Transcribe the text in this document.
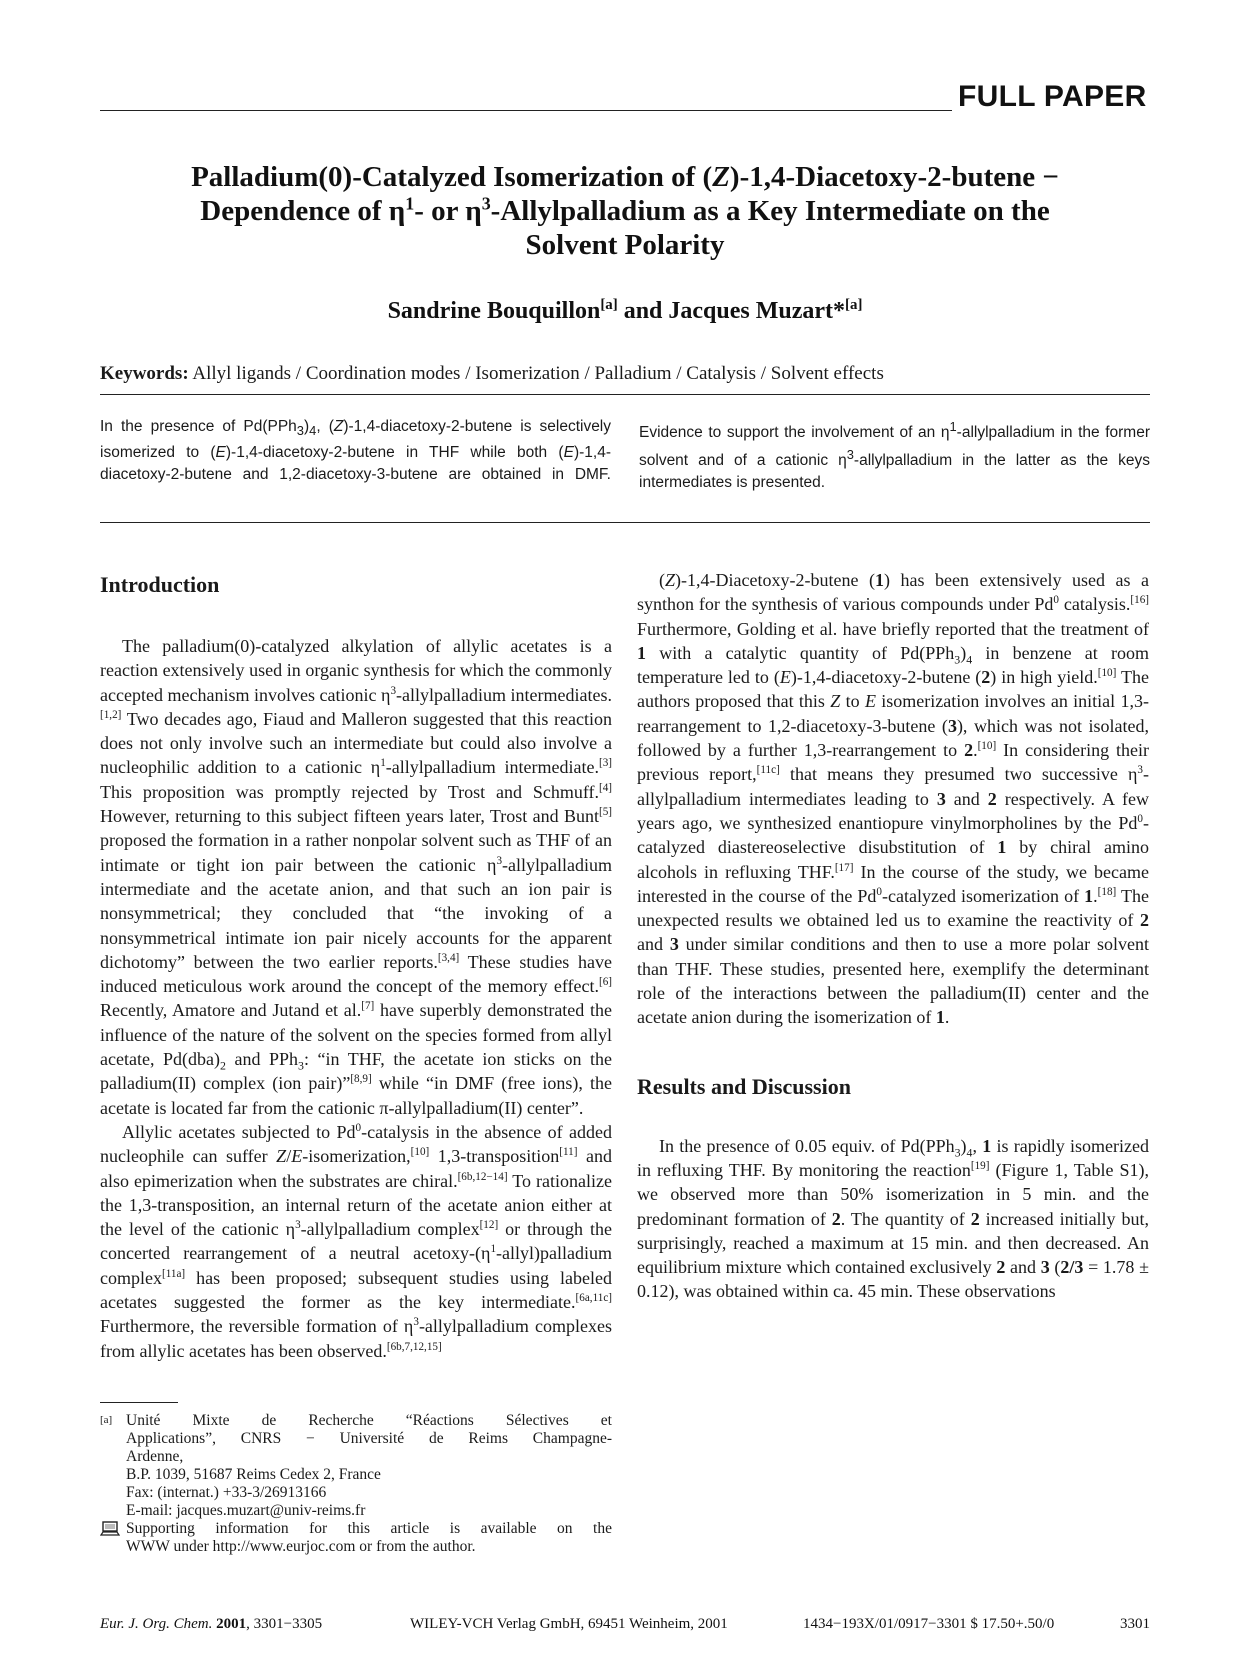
FULL PAPER
Palladium(0)-Catalyzed Isomerization of (Z)-1,4-Diacetoxy-2-butene −
Dependence of $\eta^1-$ or $\eta^3$-Allylpalladium as a Key Intermediate on the
Solvent Polarity
Sandrine Bouquillon[a] and Jacques Muzart*[a]
Keywords: Allyl ligands / Coordination modes / Isomerization / Palladium / Catalysis / Solvent effects
In the presence of $Pd(PPh_3)_4$, (Z)-1,4-diacetoxy-2-butene is selectively isomerized to (E)-1,4-diacetoxy-2-butene in THF while both (E)-1,4-diacetoxy-2-butene and 1,2-diacetoxy-3-butene are obtained in DMF. Evidence to support the involvement of an $\eta^1$-allylpalladium in the former solvent and of a cationic $\eta^3$-allylpalladium in the latter as the keys intermediates is presented.
Introduction

The palladium(0)-catalyzed alkylation of allylic acetates is a reaction extensively used in organic synthesis for which the commonly accepted mechanism involves cationic $\eta^3$-allylpalladium intermediates.[1,2] Two decades ago, Fiaud and Malleron suggested that this reaction does not only involve such an intermediate but could also involve a nucleophilic addition to a cationic $\eta^1$-allylpalladium intermediate.[3] This proposition was promptly rejected by Trost and Schmuff.[4] However, returning to this subject fifteen years later, Trost and Bunt[5] proposed the formation in a rather nonpolar solvent such as THF of an intimate or tight ion pair between the cationic $\eta^3$-allylpalladium intermediate and the acetate anion, and that such an ion pair is nonsymmetrical; they concluded that “the invoking of a nonsymmetrical intimate ion pair nicely accounts for the apparent dichotomy” between the two earlier reports.[3,4] These studies have induced meticulous work around the concept of the memory effect.[6] Recently, Amatore and Jutand et al.[7] have superbly demonstrated the influence of the nature of the solvent on the species formed from allyl acetate, $Pd(dba)_2$ and PPh$_3$: “in THF, the acetate ion sticks on the palladium(II) complex (ion pair)”[8,9] while “in DMF (free ions), the acetate is located far from the cationic π-allylpalladium(II) center”.

Allylic acetates subjected to Pd$^0$-catalysis in the absence of added nucleophile can suffer Z/E-isomerization,[10] 1,3-transposition[11] and also epimerization when the substrates are chiral.[6b,12−14] To rationalize the 1,3-transposition, an internal return of the acetate anion either at the level of the cationic $\eta^3$-allylpalladium complex[12] or through the concerted rearrangement of a neutral acetoxy-$(\eta^1-allyl)palladium$ complex[11a] has been proposed; subsequent studies using labeled acetates suggested the former as the key intermediate.[6a,11c] Furthermore, the reversible formation of $\eta^3$-allylpalladium complexes from allylic acetates has been observed.[6b,7,12,15]

(Z)-1,4-Diacetoxy-2-butene (1) has been extensively used as a synthon for the synthesis of various compounds under Pd$^0$ catalysis.[16] Furthermore, Golding et al. have briefly reported that the treatment of 1 with a catalytic quantity of $Pd(PPh_3)_4$ in benzene at room temperature led to (E)-1,4-diacetoxy-2-butene (2) in high yield.[10] The authors proposed that this Z to E isomerization involves an initial 1,3-rearrangement to 1,2-diacetoxy-3-butene (3), which was not isolated, followed by a further 1,3-rearrangement to 2.[10] In considering their previous report,[11c] that means they presumed two successive $\eta^3$-allylpalladium intermediates leading to 3 and 2 respectively. A few years ago, we synthesized enantiopure vinylmorpholines by the Pd$^0$-catalyzed diastereoselective disubstitution of 1 by chiral amino alcohols in refluxing THF.[17] In the course of the study, we became interested in the course of the Pd$^0$-catalyzed isomerization of 1.[18] The unexpected results we obtained led us to examine the reactivity of 2 and 3 under similar conditions and then to use a more polar solvent than THF. These studies, presented here, exemplify the determinant role of the interactions between the palladium(II) center and the acetate anion during the isomerization of 1.

Results and Discussion

In the presence of 0.05 equiv. of $Pd(PPh_3)_4$, 1 is rapidly isomerized in refluxing THF. By monitoring the reaction[19] (Figure 1, Table S1), we observed more than 50% isomerization in 5 min. and the predominant formation of 2. The quantity of 2 increased initially but, surprisingly, reached a maximum at 15 min. and then decreased. An equilibrium mixture which contained exclusively 2 and 3 (2/3 = 1.78 ± 0.12), was obtained within ca. 45 min. These observations

[a] Unité Mixte de Recherche “Réactions Sélectives et
Applications”, CNRS − Université de Reims Champagne-
Ardenne,
B.P. 1039, 51687 Reims Cedex 2, France
Fax: (internat.) +33-3/26913166
E-mail: jacques.muzart@univ-reims.fr
Supporting information for this article is available on the
WWW under http://www.eurjoc.com or from the author.
Eur. J. Org. Chem. 2001, 3301−3305	WILEY-VCH Verlag GmbH, 69451 Weinheim, 2001	1434−193X/01/0917−3301 $ 17.50+.50/0	3301
